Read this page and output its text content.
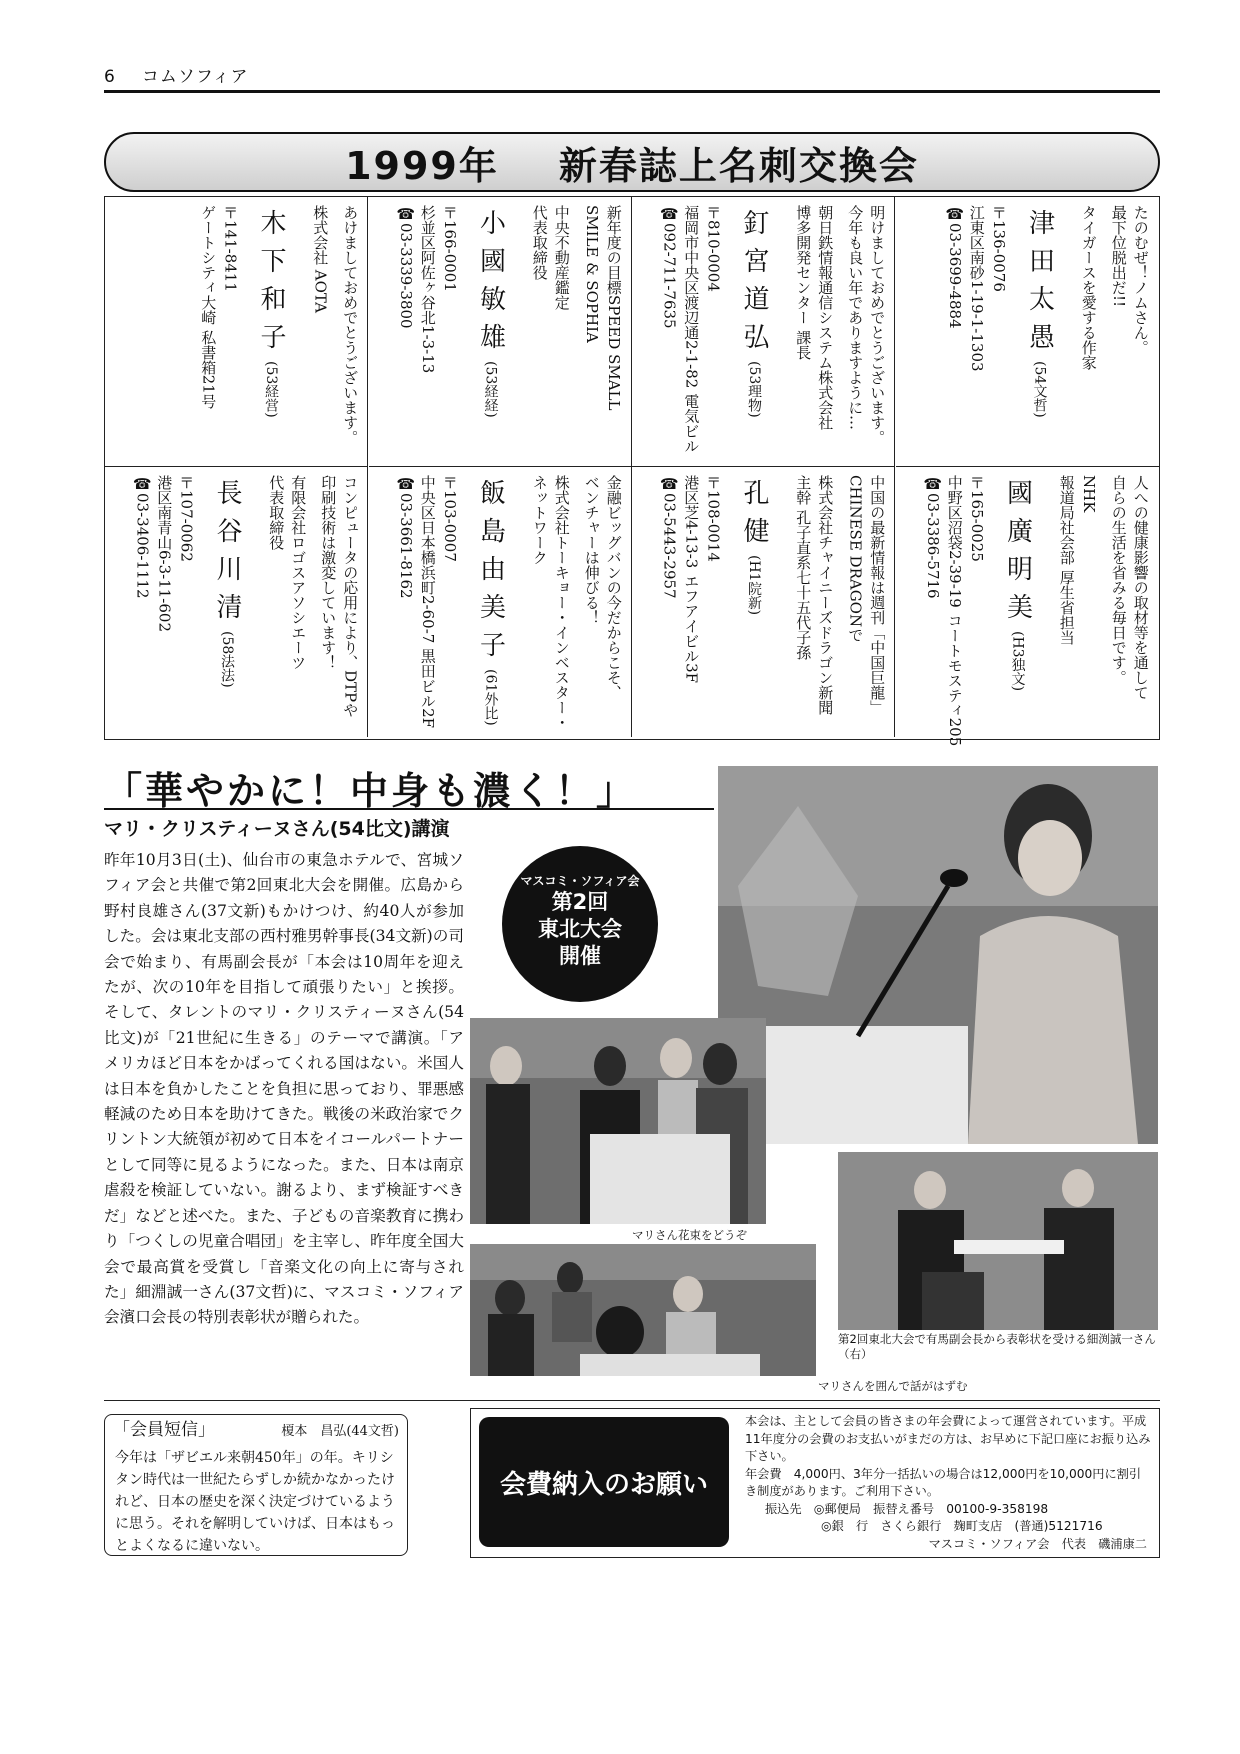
6 コムソフィア
1999年 新春誌上名刺交換会
あけましておめでとうございます。
株式会社 AOTA
木下和子(53経営)
〒141-8411
ゲートシティ大崎 私書箱21号	新年度の目標SPEED SMALL
SMILE & SOPHIA
中央不動産鑑定
代表取締役
小國敏雄(53経経)
〒166-0001
杉並区阿佐ヶ谷北1-3-13
☎03-3339-3800	明けましておめでとうございます。
今年も良い年でありますように…
朝日鉄情報通信システム株式会社
博多開発センター 課長
釘宮道弘(53理物)
〒810-0004
福岡市中央区渡辺通2-1-82 電気ビル
☎092-711-7635	たのむぜ！ノムさん。
最下位脱出だ!!
タイガースを愛する作家
津田太愚(54文哲)
〒136-0076
江東区南砂1-19-1-1303
☎03-3699-4884
コンピュータの応用により、DTPや
印刷技術は激変しています！
有限会社ロゴスアソシエーツ
代表取締役
長谷川清(58法法)
〒107-0062
港区南青山6-3-11-602
☎03-3406-1112	金融ビッグバンの今だからこそ、
ベンチャーは伸びる！
株式会社トーキョー・インベスター・
ネットワーク
飯島由美子(61外比)
〒103-0007
中央区日本橋浜町2-60-7 黒田ビル2F
☎03-3661-8162	中国の最新情報は週刊「中国巨龍」
CHINESE DRAGONで
株式会社チャイニーズドラゴン新聞
主幹 孔子直系七十五代子孫
孔健(H1院新)
〒108-0014
港区芝4-13-3 エフアイビル3F
☎03-5443-2957	人への健康影響の取材等を通して
自らの生活を省みる毎日です。
NHK
報道局社会部 厚生省担当
國廣明美(H3独文)
〒165-0025
中野区沼袋2-39-19 コートモスティ205
☎03-3386-5716
「華やかに！中身も濃く！」
マリ・クリスティーヌさん(54比文)講演
昨年10月3日(土)、仙台市の東急ホテルで、宮城ソフィア会と共催で第2回東北大会を開催。広島から野村良雄さん(37文新)もかけつけ、約40人が参加した。会は東北支部の西村雅男幹事長(34文新)の司会で始まり、有馬副会長が「本会は10周年を迎えたが、次の10年を目指して頑張りたい」と挨拶。そして、タレントのマリ・クリスティーヌさん(54比文)が「21世紀に生きる」のテーマで講演。「アメリカほど日本をかばってくれる国はない。米国人は日本を負かしたことを負担に思っており、罪悪感軽減のため日本を助けてきた。戦後の米政治家でクリントン大統領が初めて日本をイコールパートナーとして同等に見るようになった。また、日本は南京虐殺を検証していない。謝るより、まず検証すべきだ」などと述べた。また、子どもの音楽教育に携わり「つくしの児童合唱団」を主宰し、昨年度全国大会で最高賞を受賞し「音楽文化の向上に寄与された」細淵誠一さん(37文哲)に、マスコミ・ソフィア会濱口会長の特別表彰状が贈られた。
マスコミ・ソフィア会
第2回
東北大会
開催
マリさん花束をどうぞ
第2回東北大会で有馬副会長から表彰状を受ける細渕誠一さん（右）
マリさんを囲んで話がはずむ
「会員短信」	榎本　昌弘(44文哲)
今年は「ザビエル来朝450年」の年。キリシタン時代は一世紀たらずしか続かなかったけれど、日本の歴史を深く決定づけているように思う。それを解明していけば、日本はもっとよくなるに違いない。
会費納入のお願い
本会は、主として会員の皆さまの年会費によって運営されています。平成11年度分の会費のお支払いがまだの方は、お早めに下記口座にお振り込み下さい。
年会費　4,000円、3年分一括払いの場合は12,000円を10,000円に割引き制度があります。ご利用下さい。
振込先　◎郵便局　振替え番号　00100-9-358198
◎銀　行　さくら銀行　麹町支店　(普通)5121716
マスコミ・ソフィア会　代表　磯浦康二
